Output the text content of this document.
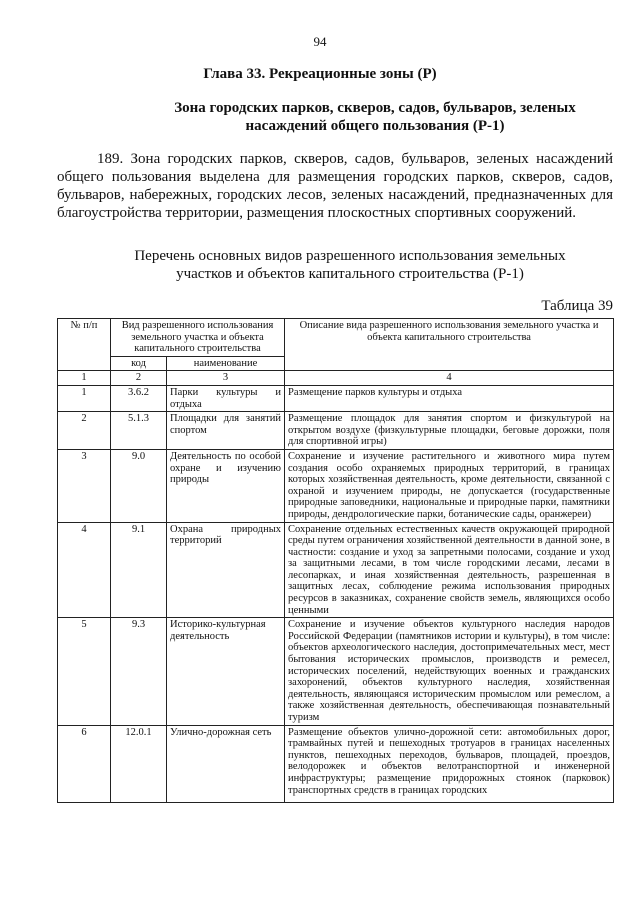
94
Глава 33. Рекреационные зоны (Р)
Зона городских парков, скверов, садов, бульваров, зеленых насаждений общего пользования (Р-1)
189. Зона городских парков, скверов, садов, бульваров, зеленых насаждений общего пользования выделена для размещения городских парков, скверов, садов, бульваров, набережных, городских лесов, зеленых насаждений, предназначенных для благоустройства территории, размещения плоскостных спортивных сооружений.
Перечень основных видов разрешенного использования земельных участков и объектов капитального строительства (Р-1)
Таблица 39
№ п/п	Вид разрешенного использования земельного участка и объекта капитального строительства		Описание вида разрешенного использования земельного участка и объекта капитального строительства
	код	наименование	
1	2	3	4
1	3.6.2	Парки культуры и отдыха	Размещение парков культуры и отдыха
2	5.1.3	Площадки для занятий спортом	Размещение площадок для занятия спортом и физкультурой на открытом воздухе (физкультурные площадки, беговые дорожки, поля для спортивной игры)
3	9.0	Деятельность по особой охране и изучению природы	Сохранение и изучение растительного и животного мира путем создания особо охраняемых природных территорий, в границах которых хозяйственная деятельность, кроме деятельности, связанной с охраной и изучением природы, не допускается (государственные природные заповедники, национальные и природные парки, памятники природы, дендрологические парки, ботанические сады, оранжереи)
4	9.1	Охрана природных территорий	Сохранение отдельных естественных качеств окружающей природной среды путем ограничения хозяйственной деятельности в данной зоне, в частности: создание и уход за запретными полосами, создание и уход за защитными лесами, в том числе городскими лесами, лесами в лесопарках, и иная хозяйственная деятельность, разрешенная в защитных лесах, соблюдение режима использования природных ресурсов в заказниках, сохранение свойств земель, являющихся особо ценными
5	9.3	Историко-культурная деятельность	Сохранение и изучение объектов культурного наследия народов Российской Федерации (памятников истории и культуры), в том числе: объектов археологического наследия, достопримечательных мест, мест бытования исторических промыслов, производств и ремесел, исторических поселений, недействующих военных и гражданских захоронений, объектов культурного наследия, хозяйственная деятельность, являющаяся историческим промыслом или ремеслом, а также хозяйственная деятельность, обеспечивающая познавательный туризм
6	12.0.1	Улично-дорожная сеть	Размещение объектов улично-дорожной сети: автомобильных дорог, трамвайных путей и пешеходных тротуаров в границах населенных пунктов, пешеходных переходов, бульваров, площадей, проездов, велодорожек и объектов велотранспортной и инженерной инфраструктуры; размещение придорожных стоянок (парковок) транспортных средств в границах городских
